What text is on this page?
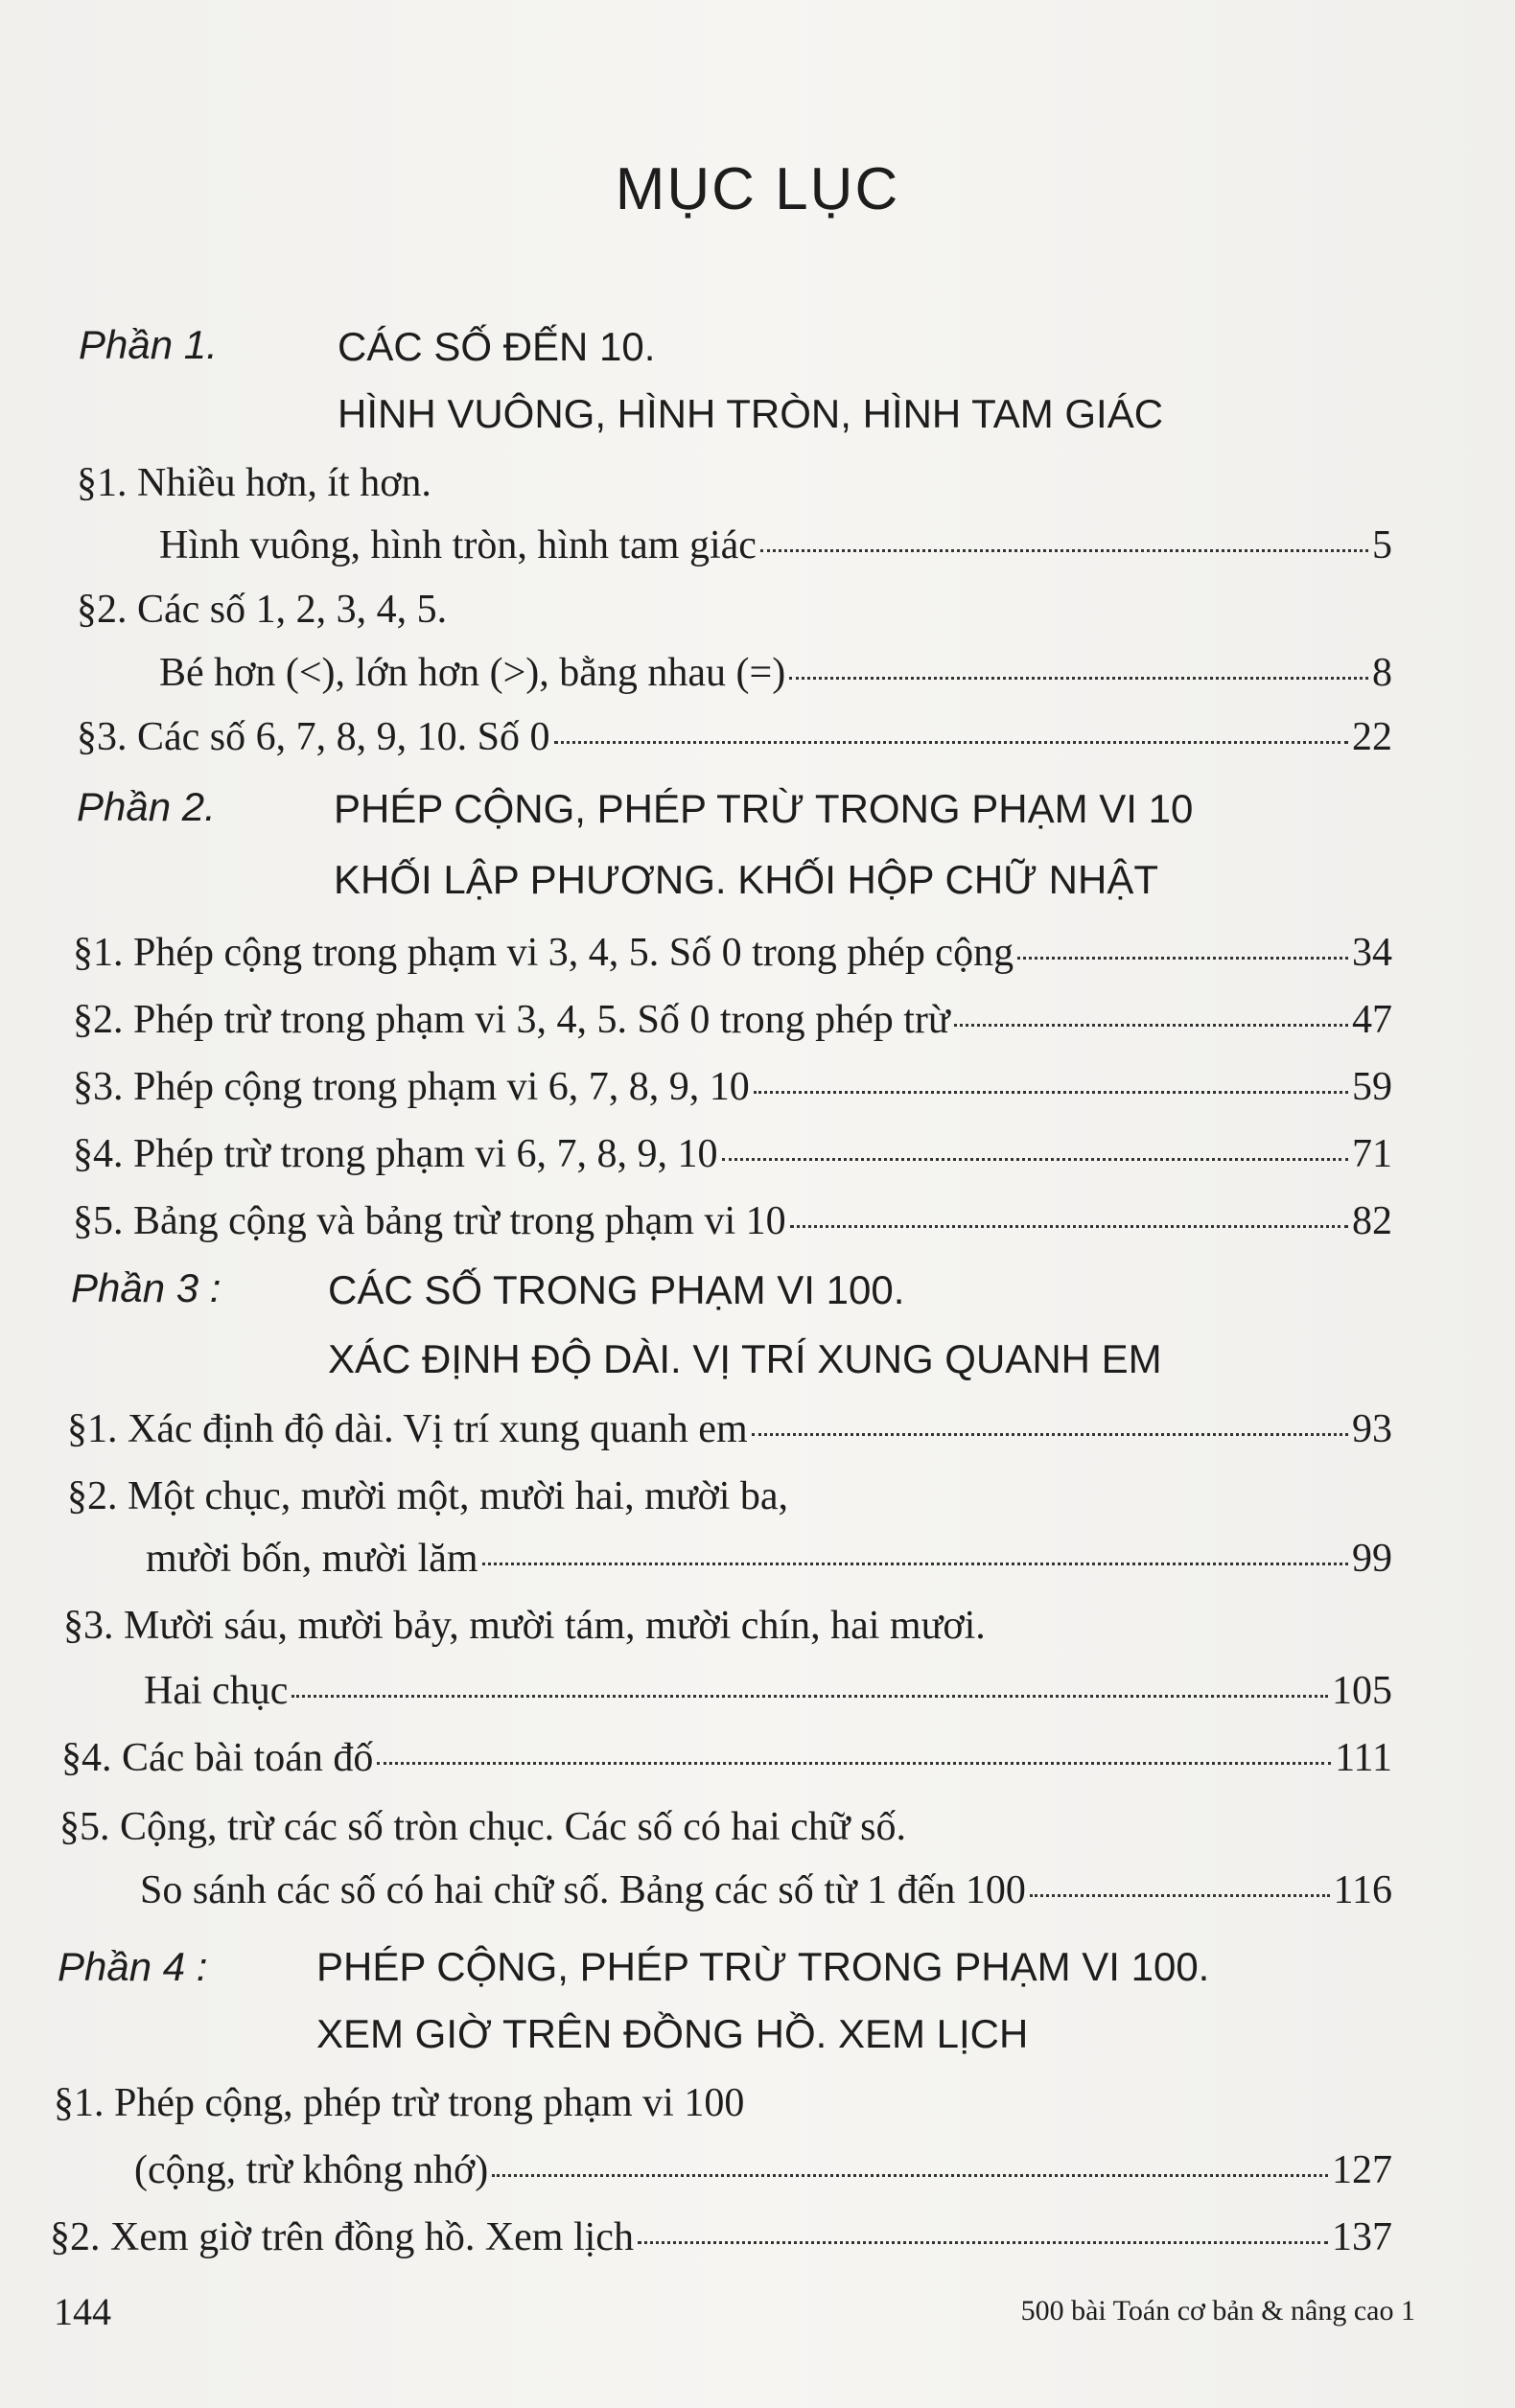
MỤC LỤC
Phần 1.	CÁC SỐ ĐẾN 10.
HÌNH VUÔNG, HÌNH TRÒN, HÌNH TAM GIÁC
§1. Nhiều hơn, ít hơn.
Hình vuông, hình tròn, hình tam giác	5
§2. Các số 1, 2, 3, 4, 5.
Bé hơn (<), lớn hơn (>), bằng nhau (=)	8
§3. Các số 6, 7, 8, 9, 10. Số 0	22
Phần 2.	PHÉP CỘNG, PHÉP TRỪ TRONG PHẠM VI 10
KHỐI LẬP PHƯƠNG. KHỐI HỘP CHỮ NHẬT
§1. Phép cộng trong phạm vi 3, 4, 5. Số 0 trong phép cộng	34
§2. Phép trừ trong phạm vi 3, 4, 5. Số 0 trong phép trừ	47
§3. Phép cộng trong phạm vi 6, 7, 8, 9, 10	59
§4. Phép trừ trong phạm vi 6, 7, 8, 9, 10	71
§5. Bảng cộng và bảng trừ trong phạm vi 10	82
Phần 3 :	CÁC SỐ TRONG PHẠM VI 100.
XÁC ĐỊNH ĐỘ DÀI. VỊ TRÍ XUNG QUANH EM
§1. Xác định độ dài. Vị trí xung quanh em	93
§2. Một chục, mười một, mười hai, mười ba,
mười bốn, mười lăm	99
§3. Mười sáu, mười bảy, mười tám, mười chín, hai mươi.
Hai chục	105
§4. Các bài toán đố	111
§5. Cộng, trừ các số tròn chục. Các số có hai chữ số.
So sánh các số có hai chữ số. Bảng các số từ 1 đến 100	116
Phần 4 :	PHÉP CỘNG, PHÉP TRỪ TRONG PHẠM VI 100.
XEM GIỜ TRÊN ĐỒNG HỒ. XEM LỊCH
§1. Phép cộng, phép trừ trong phạm vi 100
(cộng, trừ không nhớ)	127
§2. Xem giờ trên đồng hồ. Xem lịch	137
144	500 bài Toán cơ bản & nâng cao 1
